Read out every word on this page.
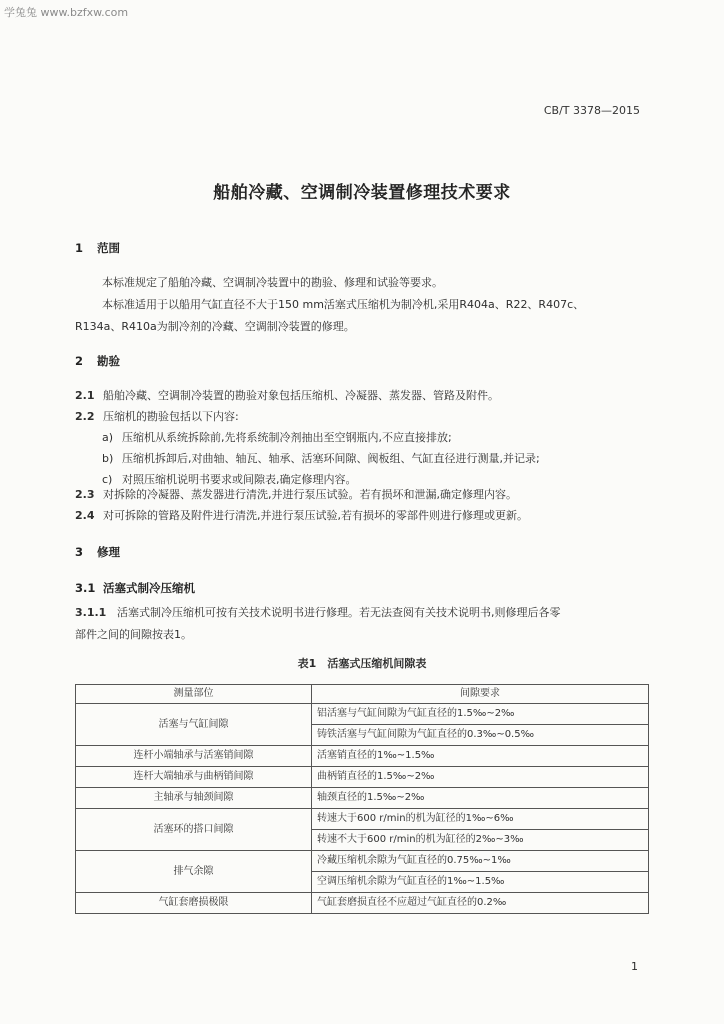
学兔兔 www.bzfxw.com
CB/T 3378—2015
船舶冷藏、空调制冷装置修理技术要求
1 范围
本标准规定了船舶冷藏、空调制冷装置中的勘验、修理和试验等要求。
本标准适用于以船用气缸直径不大于150 mm活塞式压缩机为制冷机,采用R404a、R22、R407c、
R134a、R410a为制冷剂的冷藏、空调制冷装置的修理。
2 勘验
2.1 船舶冷藏、空调制冷装置的勘验对象包括压缩机、冷凝器、蒸发器、管路及附件。
2.2 压缩机的勘验包括以下内容:
a) 压缩机从系统拆除前,先将系统制冷剂抽出至空钢瓶内,不应直接排放;
b) 压缩机拆卸后,对曲轴、轴瓦、轴承、活塞环间隙、阀板组、气缸直径进行测量,并记录;
c) 对照压缩机说明书要求或间隙表,确定修理内容。
2.3 对拆除的冷凝器、蒸发器进行清洗,并进行泵压试验。若有损坏和泄漏,确定修理内容。
2.4 对可拆除的管路及附件进行清洗,并进行泵压试验,若有损坏的零部件则进行修理或更新。
3 修理
3.1 活塞式制冷压缩机
3.1.1 活塞式制冷压缩机可按有关技术说明书进行修理。若无法查阅有关技术说明书,则修理后各零
部件之间的间隙按表1。
表1　活塞式压缩机间隙表
测量部位	间隙要求
活塞与气缸间隙	铝活塞与气缸间隙为气缸直径的1.5‰~2‰
	铸铁活塞与气缸间隙为气缸直径的0.3‰~0.5‰
连杆小端轴承与活塞销间隙	活塞销直径的1‰~1.5‰
连杆大端轴承与曲柄销间隙	曲柄销直径的1.5‰~2‰
主轴承与轴颈间隙	轴颈直径的1.5‰~2‰
活塞环的搭口间隙	转速大于600 r/min的机为缸径的1‰~6‰
	转速不大于600 r/min的机为缸径的2‰~3‰
排气余隙	冷藏压缩机余隙为气缸直径的0.75‰~1‰
	空调压缩机余隙为气缸直径的1‰~1.5‰
气缸套磨损极限	气缸套磨损直径不应超过气缸直径的0.2‰
1
